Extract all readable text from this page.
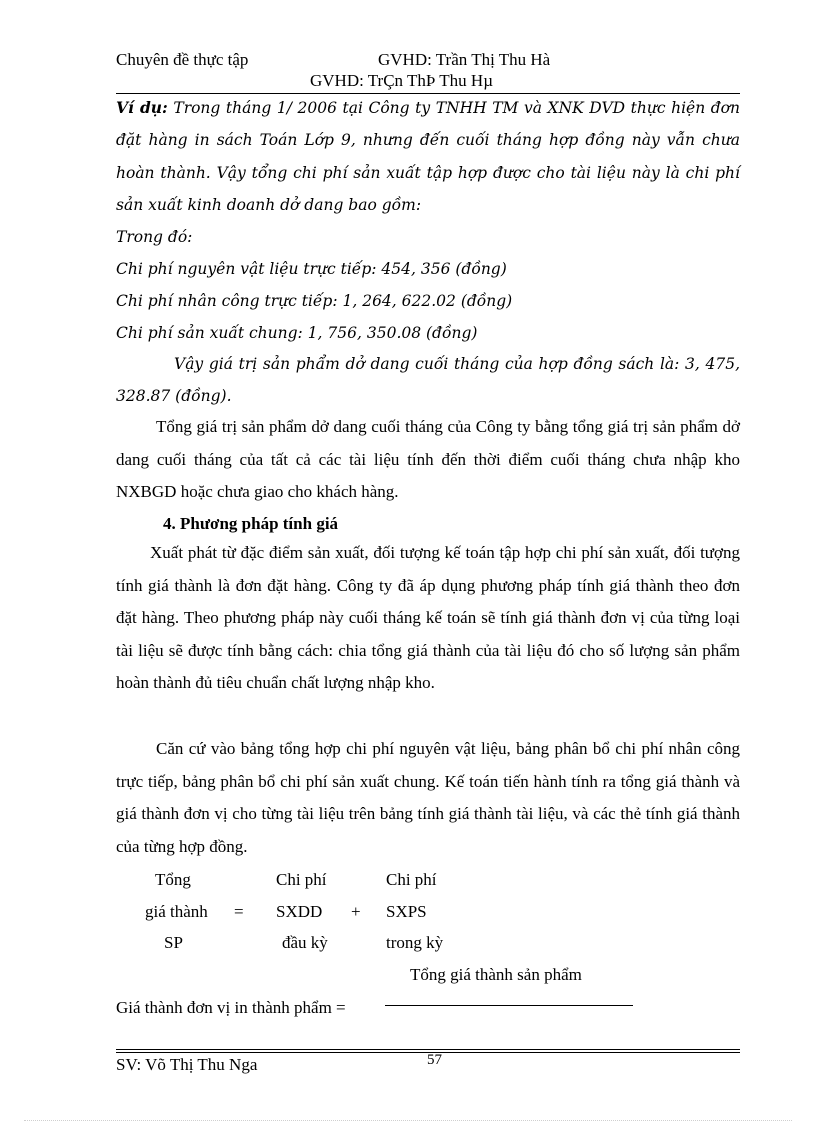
Chuyên đề thực tập	GVHD: Trần Thị Thu Hà
GVHD: TrÇn ThÞ Thu Hµ
Ví dụ: Trong tháng 1/ 2006 tại Công ty TNHH TM và XNK DVD thực hiện đơn đặt hàng in sách Toán Lớp 9, nhưng đến cuối tháng hợp đồng này vẫn chưa hoàn thành. Vậy tổng chi phí sản xuất tập hợp được cho tài liệu này là chi phí sản xuất kinh doanh dở dang bao gồm:
Trong đó:
Chi phí nguyên vật liệu trực tiếp: 454, 356 (đồng)
Chi phí nhân công trực tiếp: 1, 264, 622.02 (đồng)
Chi phí sản xuất chung: 1, 756, 350.08 (đồng)
Vậy giá trị sản phẩm dở dang cuối tháng của hợp đồng sách là: 3, 475, 328.87 (đồng).
Tổng giá trị sản phẩm dở dang cuối tháng của Công ty bằng tổng giá trị sản phẩm dở dang cuối tháng của tất cả các tài liệu tính đến thời điểm cuối tháng chưa nhập kho NXBGD hoặc chưa giao cho khách hàng.
4. Phương pháp tính giá
Xuất phát từ đặc điểm sản xuất, đối tượng kế toán tập hợp chi phí sản xuất, đối tượng tính giá thành là đơn đặt hàng. Công ty đã áp dụng phương pháp tính giá thành theo đơn đặt hàng. Theo phương pháp này cuối tháng kế toán sẽ tính giá thành đơn vị của từng loại tài liệu sẽ được tính bằng cách: chia tổng giá thành của tài liệu đó cho số lượng sản phẩm hoàn thành đủ tiêu chuẩn chất lượng nhập kho.
Căn cứ vào bảng tổng hợp chi phí nguyên vật liệu, bảng phân bổ chi phí nhân công trực tiếp, bảng phân bổ chi phí sản xuất chung. Kế toán tiến hành tính ra tổng giá thành và giá thành đơn vị cho từng tài liệu trên bảng tính giá thành tài liệu, và các thẻ tính giá thành của từng hợp đồng.
Tổng
giá thành
SP
=
Chi phí
SXDD
đầu kỳ
+
Chi phí
SXPS
trong kỳ
Tổng giá thành sản phẩm
Giá thành đơn vị in thành phẩm =
57
SV: Võ Thị Thu Nga
